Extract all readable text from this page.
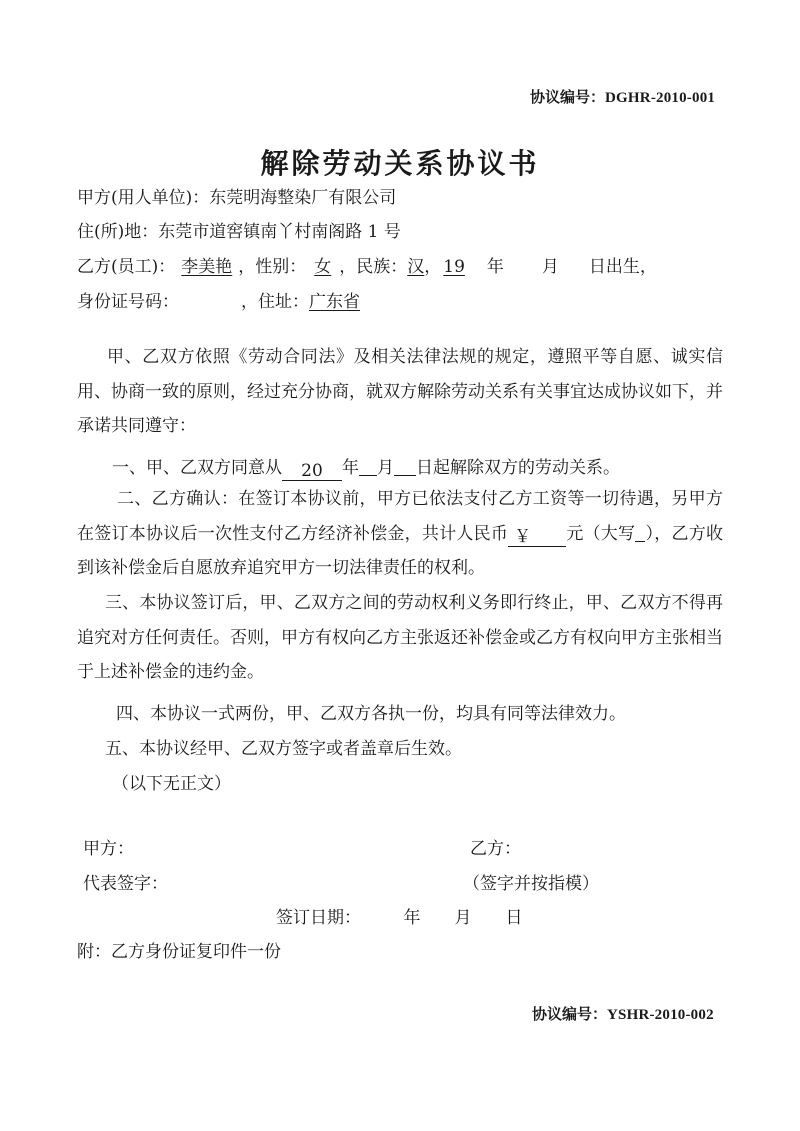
协议编号：DGHR-2010-001
解除劳动关系协议书
甲方(用人单位)：东莞明海整染厂有限公司
住(所)地：东莞市道窖镇南丫村南阁路 1 号
乙方(员工)： 李美艳 ，性别： 女 ，民族：汉， 19 年 月 日出生，
身份证号码：	，住址：广东省
甲、乙双方依照《劳动合同法》及相关法律法规的规定，遵照平等自愿、诚实信用、协商一致的原则，经过充分协商，就双方解除劳动关系有关事宜达成协议如下，并承诺共同遵守：
一、甲、乙双方同意从 20 年 月 日起解除双方的劳动关系。
二、乙方确认：在签订本协议前，甲方已依法支付乙方工资等一切待遇，另甲方在签订本协议后一次性支付乙方经济补偿金，共计人民币 ￥ 元（大写 ），乙方收到该补偿金后自愿放弃追究甲方一切法律责任的权利。
三、本协议签订后，甲、乙双方之间的劳动权利义务即行终止，甲、乙双方不得再追究对方任何责任。否则，甲方有权向乙方主张返还补偿金或乙方有权向甲方主张相当于上述补偿金的违约金。
四、本协议一式两份，甲、乙双方各执一份，均具有同等法律效力。
五、本协议经甲、乙双方签字或者盖章后生效。
（以下无正文）
甲方：	乙方：
代表签字：	（签字并按指模）
签订日期：　　　年　　月　　日
附：乙方身份证复印件一份
协议编号：YSHR-2010-002
